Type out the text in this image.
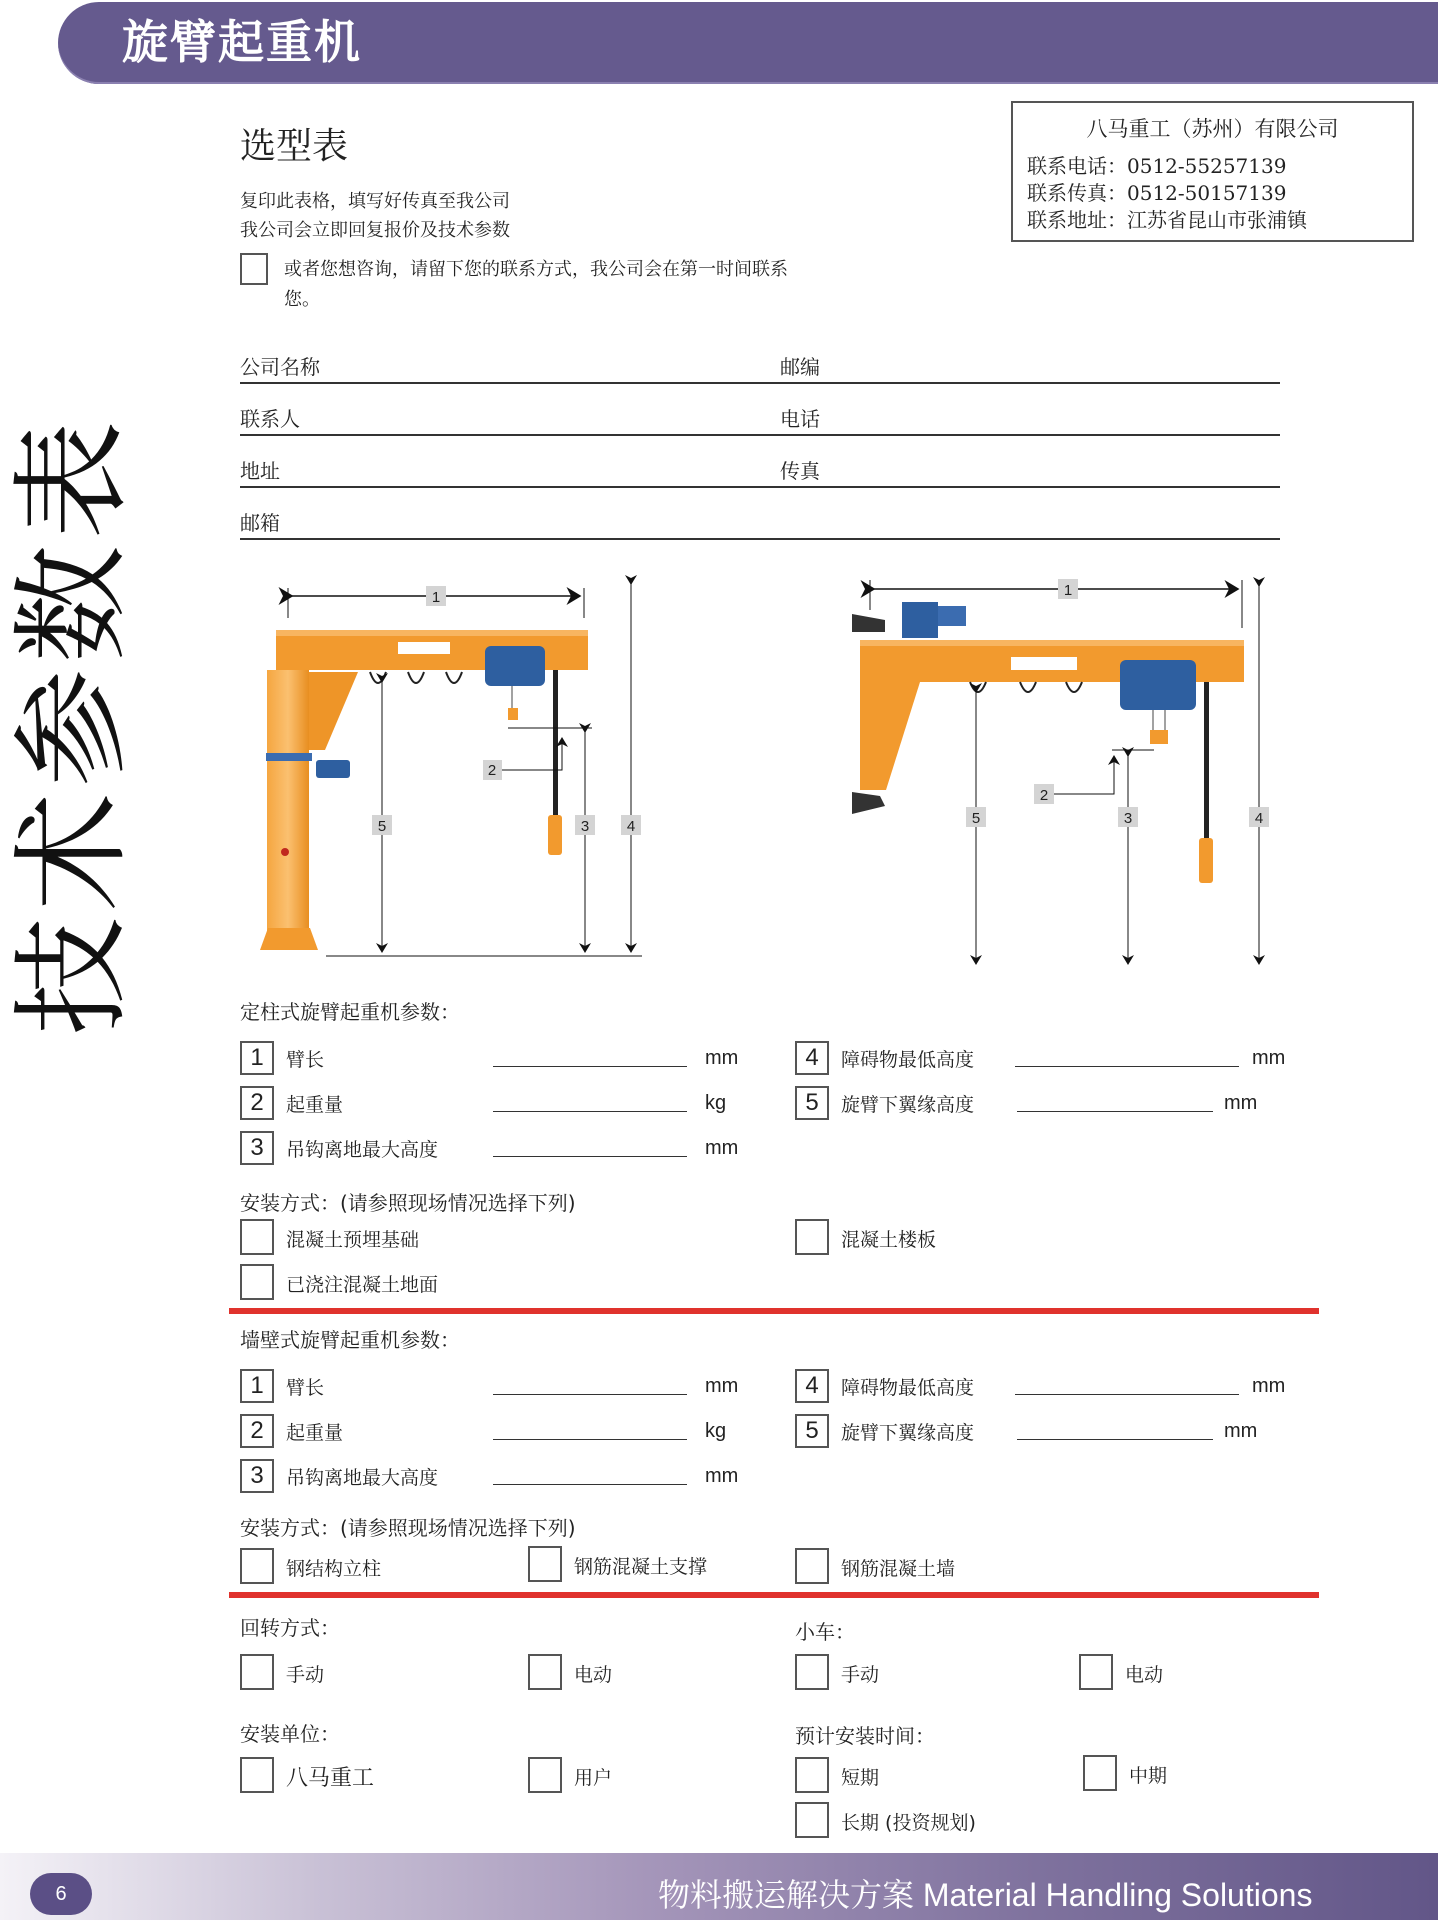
旋臂起重机
技术参数表
八马重工（苏州）有限公司
联系电话：0512-55257139
联系传真：0512-50157139
联系地址：江苏省昆山市张浦镇
选型表
复印此表格，填写好传真至我公司
我公司会立即回复报价及技术参数
或者您想咨询，请留下您的联系方式，我公司会在第一时间联系您。
公司名称	邮编
联系人	电话
地址	传真
邮箱
2
5	3	4
1	1
2
5	3	4
定柱式旋臂起重机参数：
1	臂长	mm
2	起重量	kg
3	吊钩离地最大高度	mm
4	障碍物最低高度	mm
5	旋臂下翼缘高度	mm
安装方式：(请参照现场情况选择下列)
混凝土预埋基础	混凝土楼板
已浇注混凝土地面
墙壁式旋臂起重机参数：
1	臂长	mm
2	起重量	kg
3	吊钩离地最大高度	mm
4	障碍物最低高度	mm
5	旋臂下翼缘高度	mm
安装方式：(请参照现场情况选择下列)
钢结构立柱	钢筋混凝土支撑	钢筋混凝土墙
回转方式：
手动	电动
小车：
手动	电动
安装单位：
八马重工	用户
预计安装时间：
短期	中期
长期 (投资规划)
6	物料搬运解决方案 Material Handling Solutions
